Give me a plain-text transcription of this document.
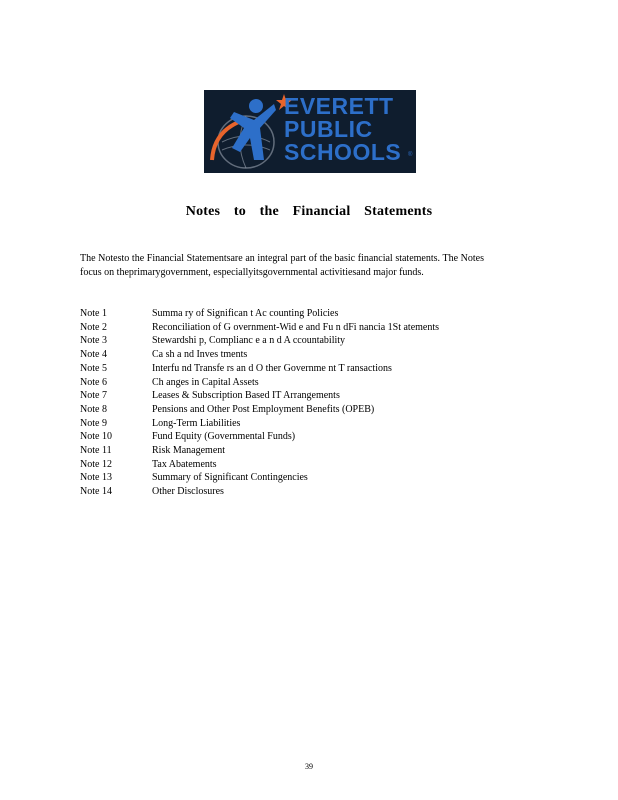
EVERETT
PUBLIC
SCHOOLS	®
Notes to the Financial Statements
The Notesto the Financial Statementsare an integral part of the basic financial statements. The Notes focus on theprimarygovernment, especiallyitsgovernmental activitiesand major funds.
Note 1	Summa ry of Significan t Ac counting Policies
Note 2	Reconciliation of G overnment-Wid e and Fu n dFi nancia 1St atements
Note 3	Stewardshi p, Complianc e a n d A ccountability
Note 4	Ca sh a nd Inves tments
Note 5	Interfu nd Transfe rs an d O ther Governme nt T ransactions
Note 6	Ch anges in Capital Assets
Note 7	Leases & Subscription Based IT Arrangements
Note 8	Pensions and Other Post Employment Benefits (OPEB)
Note 9	Long-Term Liabilities
Note 10	Fund Equity (Governmental Funds)
Note 11	Risk Management
Note 12	Tax Abatements
Note 13	Summary of Significant Contingencies
Note 14	Other Disclosures
39
